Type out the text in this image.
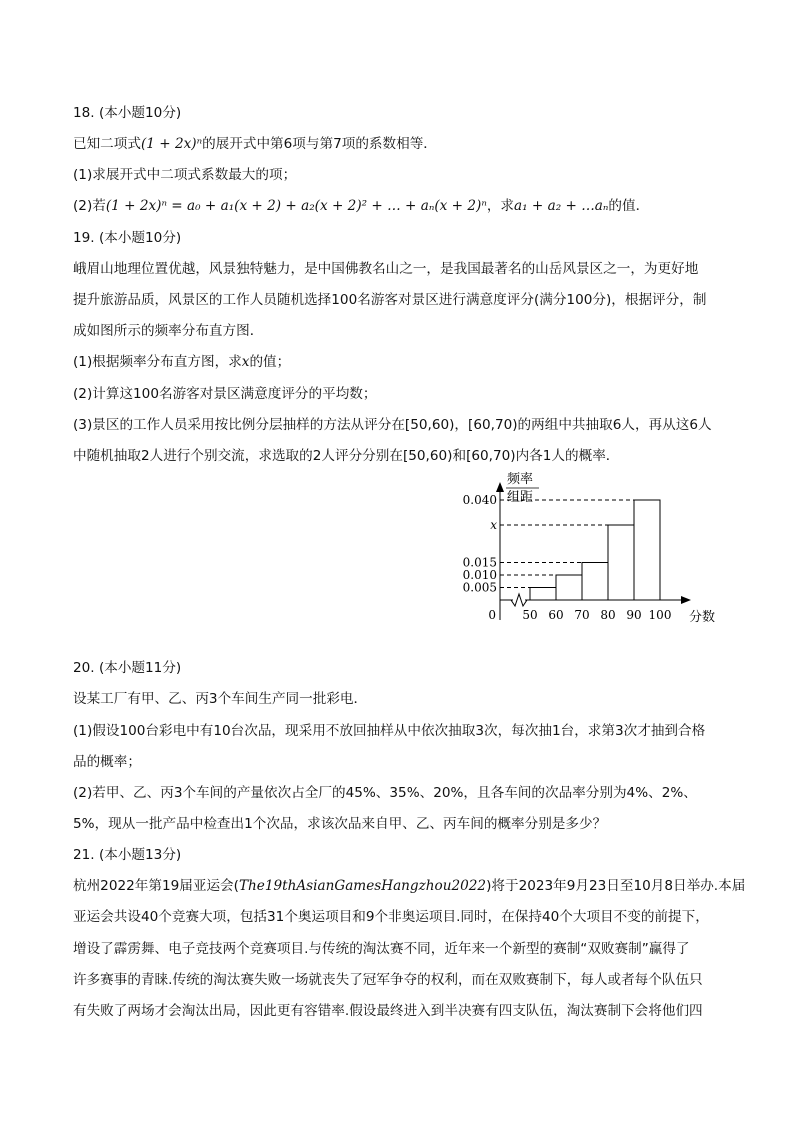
18. (本小题10分)
已知二项式(1 + 2x)ⁿ的展开式中第6项与第7项的系数相等．
(1)求展开式中二项式系数最大的项；
(2)若(1 + 2x)ⁿ = a₀ + a₁(x + 2) + a₂(x + 2)² + … + aₙ(x + 2)ⁿ，求a₁ + a₂ + …aₙ的值．
19. (本小题10分)
峨眉山地理位置优越，风景独特魅力，是中国佛教名山之一，是我国最著名的山岳风景区之一，为更好地
提升旅游品质，风景区的工作人员随机选择100名游客对景区进行满意度评分(满分100分)，根据评分，制
成如图所示的频率分布直方图．
(1)根据频率分布直方图，求x的值；
(2)计算这100名游客对景区满意度评分的平均数；
(3)景区的工作人员采用按比例分层抽样的方法从评分在[50,60)，[60,70)的两组中共抽取6人，再从这6人
中随机抽取2人进行个别交流，求选取的2人评分分别在[50,60)和[60,70)内各1人的概率．
频率
组距
分数
0 50 60 70 80 90 100
0.040
x
0.015
0.010
0.005
20. (本小题11分)
设某工厂有甲、乙、丙3个车间生产同一批彩电．
(1)假设100台彩电中有10台次品，现采用不放回抽样从中依次抽取3次，每次抽1台，求第3次才抽到合格
品的概率；
(2)若甲、乙、丙3个车间的产量依次占全厂的45%、35%、20%，且各车间的次品率分别为4%、2%、
5%，现从一批产品中检查出1个次品，求该次品来自甲、乙、丙车间的概率分别是多少？
21. (本小题13分)
杭州2022年第19届亚运会(The19thAsianGamesHangzhou2022)将于2023年9月23日至10月8日举办.本届
亚运会共设40个竞赛大项，包括31个奥运项目和9个非奥运项目.同时，在保持40个大项目不变的前提下，
增设了霹雳舞、电子竞技两个竞赛项目.与传统的淘汰赛不同，近年来一个新型的赛制“双败赛制”赢得了
许多赛事的青睐.传统的淘汰赛失败一场就丧失了冠军争夺的权利，而在双败赛制下，每人或者每个队伍只
有失败了两场才会淘汰出局，因此更有容错率.假设最终进入到半决赛有四支队伍，淘汰赛制下会将他们四
